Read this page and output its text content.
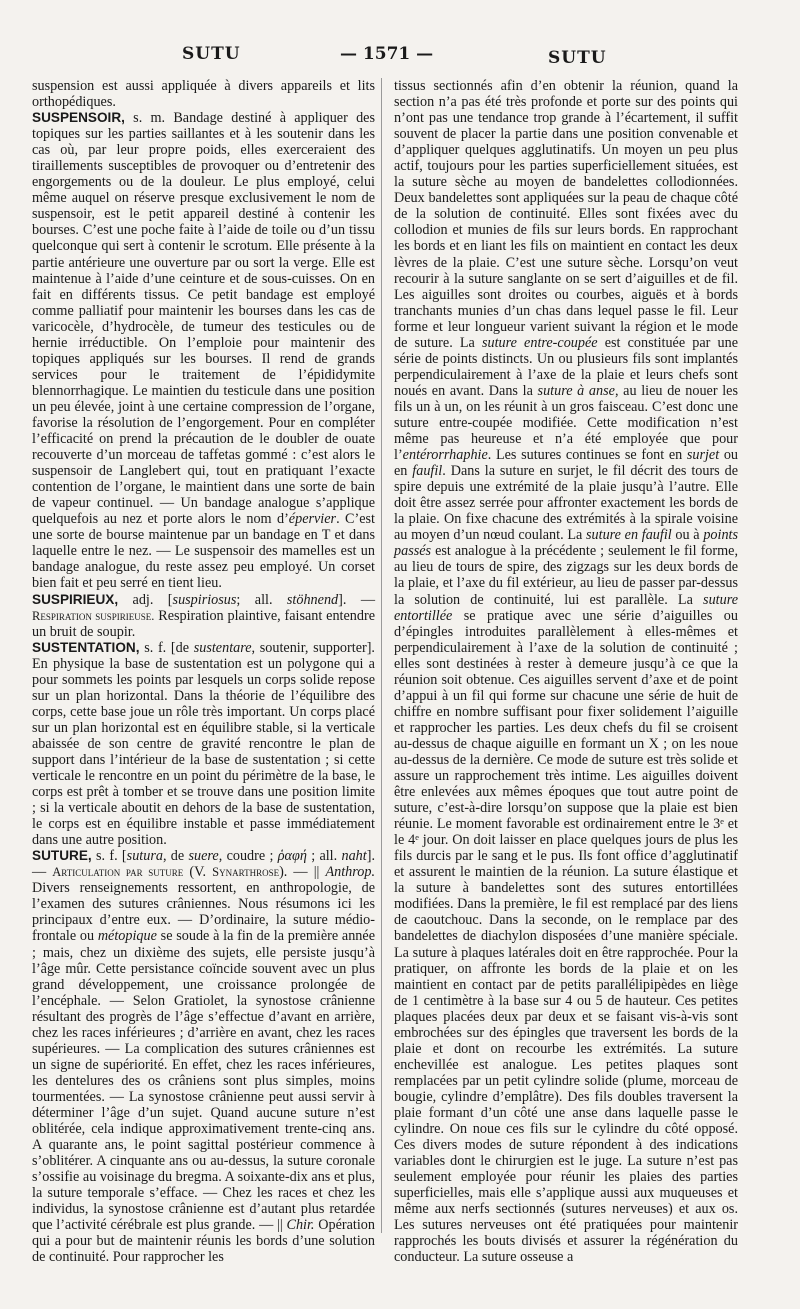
SUTU	— 1571 —	SUTU

suspension est aussi appliquée à divers appareils et lits orthopédiques.

SUSPENSOIR, s. m. Bandage destiné à appliquer des topiques sur les parties saillantes et à les soutenir dans les cas où, par leur propre poids, elles exerceraient des tiraillements susceptibles de provoquer ou d’entretenir des engorgements ou de la douleur. Le plus employé, celui même auquel on réserve presque exclusivement le nom de suspensoir, est le petit appareil destiné à contenir les bourses. C’est une poche faite à l’aide de toile ou d’un tissu quelconque qui sert à contenir le scrotum. Elle présente à la partie antérieure une ouverture par ou sort la verge. Elle est maintenue à l’aide d’une ceinture et de sous-cuisses. On en fait en différents tissus. Ce petit bandage est employé comme palliatif pour maintenir les bourses dans les cas de varicocèle, d’hydrocèle, de tumeur des testicules ou de hernie irréductible. On l’emploie pour maintenir des topiques appliqués sur les bourses. Il rend de grands services pour le traitement de l’épididymite blennorrhagique. Le maintien du testicule dans une position un peu élevée, joint à une certaine compression de l’organe, favorise la résolution de l’engorgement. Pour en compléter l’efficacité on prend la précaution de le doubler de ouate recouverte d’un morceau de taffetas gommé : c’est alors le suspensoir de Langlebert qui, tout en pratiquant l’exacte contention de l’organe, le maintient dans une sorte de bain de vapeur continuel. — Un bandage analogue s’applique quelquefois au nez et porte alors le nom d’épervier. C’est une sorte de bourse maintenue par un bandage en T et dans laquelle entre le nez. — Le suspensoir des mamelles est un bandage analogue, du reste assez peu employé. Un corset bien fait et peu serré en tient lieu.

SUSPIRIEUX, adj. [suspiriosus; all. stöhnend]. — Respiration suspirieuse. Respiration plaintive, faisant entendre un bruit de soupir.

SUSTENTATION, s. f. [de sustentare, soutenir, supporter]. En physique la base de sustentation est un polygone qui a pour sommets les points par lesquels un corps solide repose sur un plan horizontal. Dans la théorie de l’équilibre des corps, cette base joue un rôle très important. Un corps placé sur un plan horizontal est en équilibre stable, si la verticale abaissée de son centre de gravité rencontre le plan de support dans l’intérieur de la base de sustentation ; si cette verticale le rencontre en un point du périmètre de la base, le corps est prêt à tomber et se trouve dans une position limite ; si la verticale aboutit en dehors de la base de sustentation, le corps est en équilibre instable et passe immédiatement dans une autre position.

SUTURE, s. f. [sutura, de suere, coudre ; ῥαφή ; all. naht]. — Articulation par suture (V. Synarthrose). — || Anthrop. Divers renseignements ressortent, en anthropologie, de l’examen des sutures crâniennes. Nous résumons ici les principaux d’entre eux. — D’ordinaire, la suture médio-frontale ou métopique se soude à la fin de la première année ; mais, chez un dixième des sujets, elle persiste jusqu’à l’âge mûr. Cette persistance coïncide souvent avec un plus grand développement, une croissance prolongée de l’encéphale. — Selon Gratiolet, la synostose crânienne résultant des progrès de l’âge s’effectue d’avant en arrière, chez les races inférieures ; d’arrière en avant, chez les races supérieures. — La complication des sutures crâniennes est un signe de supériorité. En effet, chez les races inférieures, les dentelures des os crâniens sont plus simples, moins tourmentées. — La synostose crânienne peut aussi servir à déterminer l’âge d’un sujet. Quand aucune suture n’est oblitérée, cela indique approximativement trente-cinq ans. A quarante ans, le point sagittal postérieur commence à s’oblitérer. A cinquante ans ou au-dessus, la suture coronale s’ossifie au voisinage du bregma. A soixante-dix ans et plus, la suture temporale s’efface. — Chez les races et chez les individus, la synostose crânienne est d’autant plus retardée que l’activité cérébrale est plus grande. — || Chir. Opération qui a pour but de maintenir réunis les bords d’une solution de continuité. Pour rapprocher les

tissus sectionnés afin d’en obtenir la réunion, quand la section n’a pas été très profonde et porte sur des points qui n’ont pas une tendance trop grande à l’écartement, il suffit souvent de placer la partie dans une position convenable et d’appliquer quelques agglutinatifs. Un moyen un peu plus actif, toujours pour les parties superficiellement situées, est la suture sèche au moyen de bandelettes collodionnées. Deux bandelettes sont appliquées sur la peau de chaque côté de la solution de continuité. Elles sont fixées avec du collodion et munies de fils sur leurs bords. En rapprochant les bords et en liant les fils on maintient en contact les deux lèvres de la plaie. C’est une suture sèche. Lorsqu’on veut recourir à la suture sanglante on se sert d’aiguilles et de fil. Les aiguilles sont droites ou courbes, aiguës et à bords tranchants munies d’un chas dans lequel passe le fil. Leur forme et leur longueur varient suivant la région et le mode de suture. La suture entre-coupée est constituée par une série de points distincts. Un ou plusieurs fils sont implantés perpendiculairement à l’axe de la plaie et leurs chefs sont noués en avant. Dans la suture à anse, au lieu de nouer les fils un à un, on les réunit à un gros faisceau. C’est donc une suture entre-coupée modifiée. Cette modification n’est même pas heureuse et n’a été employée que pour l’entérorrhaphie. Les sutures continues se font en surjet ou en faufil. Dans la suture en surjet, le fil décrit des tours de spire depuis une extrémité de la plaie jusqu’à l’autre. Elle doit être assez serrée pour affronter exactement les bords de la plaie. On fixe chacune des extrémités à la spirale voisine au moyen d’un nœud coulant. La suture en faufil ou à points passés est analogue à la précédente ; seulement le fil forme, au lieu de tours de spire, des zigzags sur les deux bords de la plaie, et l’axe du fil extérieur, au lieu de passer par-dessus la solution de continuité, lui est parallèle. La suture entortillée se pratique avec une série d’aiguilles ou d’épingles introduites parallèlement à elles-mêmes et perpendiculairement à l’axe de la solution de continuité ; elles sont destinées à rester à demeure jusqu’à ce que la réunion soit obtenue. Ces aiguilles servent d’axe et de point d’appui à un fil qui forme sur chacune une série de huit de chiffre en nombre suffisant pour fixer solidement l’aiguille et rapprocher les parties. Les deux chefs du fil se croisent au-dessus de chaque aiguille en formant un X ; on les noue au-dessus de la dernière. Ce mode de suture est très solide et assure un rapprochement très intime. Les aiguilles doivent être enlevées aux mêmes époques que tout autre point de suture, c’est-à-dire lorsqu’on suppose que la plaie est bien réunie. Le moment favorable est ordinairement entre le 3ᵉ et le 4ᵉ jour. On doit laisser en place quelques jours de plus les fils durcis par le sang et le pus. Ils font office d’agglutinatif et assurent le maintien de la réunion. La suture élastique et la suture à bandelettes sont des sutures entortillées modifiées. Dans la première, le fil est remplacé par des liens de caoutchouc. Dans la seconde, on le remplace par des bandelettes de diachylon disposées d’une manière spéciale. La suture à plaques latérales doit en être rapprochée. Pour la pratiquer, on affronte les bords de la plaie et on les maintient en contact par de petits parallélipipèdes en liège de 1 centimètre à la base sur 4 ou 5 de hauteur. Ces petites plaques placées deux par deux et se faisant vis-à-vis sont embrochées sur des épingles que traversent les bords de la plaie et dont on recourbe les extrémités. La suture enchevillée est analogue. Les petites plaques sont remplacées par un petit cylindre solide (plume, morceau de bougie, cylindre d’emplâtre). Des fils doubles traversent la plaie formant d’un côté une anse dans laquelle passe le cylindre. On noue ces fils sur le cylindre du côté opposé. Ces divers modes de suture répondent à des indications variables dont le chirurgien est le juge. La suture n’est pas seulement employée pour réunir les plaies des parties superficielles, mais elle s’applique aussi aux muqueuses et même aux nerfs sectionnés (sutures nerveuses) et aux os. Les sutures nerveuses ont été pratiquées pour maintenir rapprochés les bouts divisés et assurer la régénération du conducteur. La suture osseuse a
